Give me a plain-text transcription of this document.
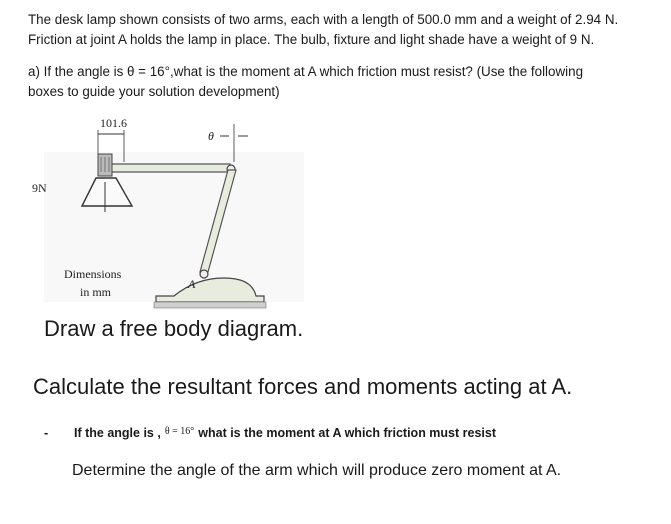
The desk lamp shown consists of two arms, each with a length of 500.0 mm and a weight of 2.94 N.
Friction at joint A holds the lamp in place. The bulb, fixture and light shade have a weight of 9 N.
a) If the angle is θ = 16°,what is the moment at A which friction must resist? (Use the following
boxes to guide your solution development)
101.6
θ
9N
A
Dimensions
in mm
Draw a free body diagram.
Calculate the resultant forces and moments acting at A.
- If the angle is , $^{\theta = 16^\circ}$ what is the moment at A which friction must resist
Determine the angle of the arm which will produce zero moment at A.
